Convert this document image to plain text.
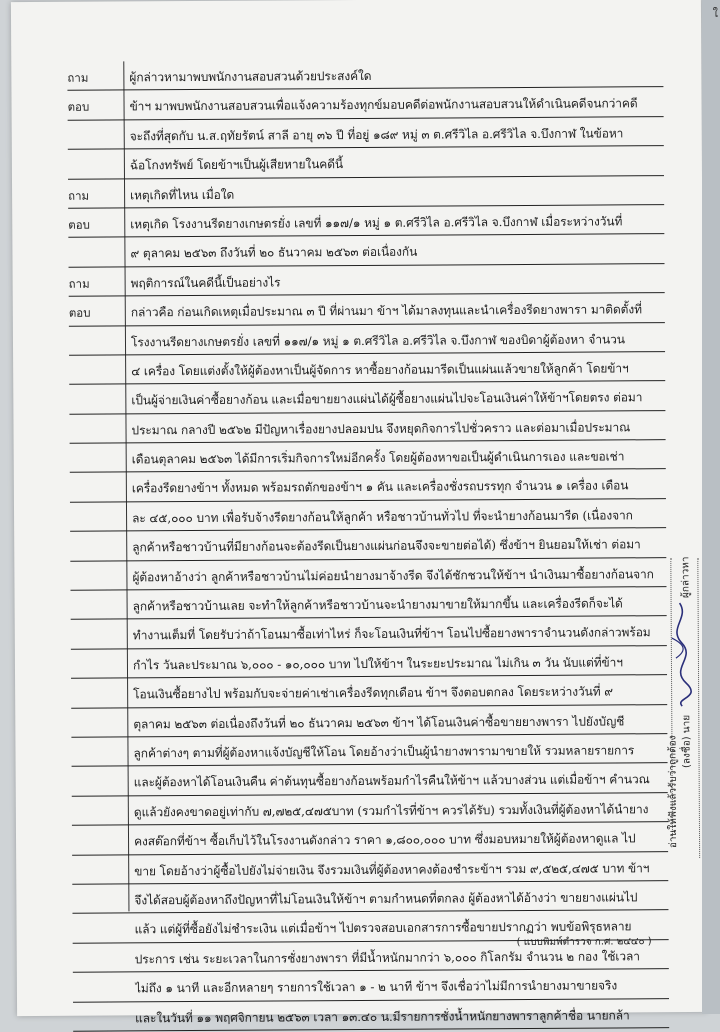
ถาม	ผู้กล่าวหามาพบพนักงานสอบสวนด้วยประสงค์ใด
ตอบ	ข้าฯ มาพบพนักงานสอบสวนเพื่อแจ้งความร้องทุกข์มอบคดีต่อพนักงานสอบสวนให้ดำเนินคดีจนกว่าคดี
จะถึงที่สุดกับ น.ส.ฤทัยรัตน์ สาลี อายุ ๓๖ ปี ที่อยู่ ๑๘๙ หมู่ ๓ ต.ศรีวิไล อ.ศรีวิไล จ.บึงกาฬ ในข้อหา
ฉ้อโกงทรัพย์ โดยข้าฯเป็นผู้เสียหายในคดีนี้
ถาม	เหตุเกิดที่ไหน เมื่อใด
ตอบ	เหตุเกิด โรงงานรีดยางเกษตรยั่ง เลขที่ ๑๑๗/๑ หมู่ ๑ ต.ศรีวิไล อ.ศรีวิไล จ.บึงกาฬ เมื่อระหว่างวันที่
๙ ตุลาคม ๒๕๖๓ ถึงวันที่ ๒๐ ธันวาคม ๒๕๖๓ ต่อเนื่องกัน
ถาม	พฤติการณ์ในคดีนี้เป็นอย่างไร
ตอบ	กล่าวคือ ก่อนเกิดเหตุเมื่อประมาณ ๓ ปี ที่ผ่านมา ข้าฯ ได้มาลงทุนและนำเครื่องรีดยางพารา มาติดตั้งที่
โรงงานรีดยางเกษตรยั่ง เลขที่ ๑๑๗/๑ หมู่ ๑ ต.ศรีวิไล อ.ศรีวิไล จ.บึงกาฬ ของบิดาผู้ต้องหา จำนวน
๔ เครื่อง โดยแต่งตั้งให้ผู้ต้องหาเป็นผู้จัดการ หาซื้อยางก้อนมารีดเป็นแผ่นแล้วขายให้ลูกค้า โดยข้าฯ
เป็นผู้จ่ายเงินค่าซื้อยางก้อน และเมื่อขายยางแผ่นได้ผู้ซื้อยางแผ่นไปจะโอนเงินค่าให้ข้าฯโดยตรง ต่อมา
ประมาณ กลางปี ๒๕๖๒ มีปัญหาเรื่องยางปลอมปน จึงหยุดกิจการไปชั่วคราว และต่อมาเมื่อประมาณ
เดือนตุลาคม ๒๕๖๓ ได้มีการเริ่มกิจการใหม่อีกครั้ง โดยผู้ต้องหาขอเป็นผู้ดำเนินการเอง และขอเช่า
เครื่องรีดยางข้าฯ ทั้งหมด พร้อมรถตักของข้าฯ ๑ คัน และเครื่องชั่งรถบรรทุก จำนวน ๑ เครื่อง เดือน
ละ ๔๕,๐๐๐ บาท เพื่อรับจ้างรีดยางก้อนให้ลูกค้า หรือชาวบ้านทั่วไป ที่จะนำยางก้อนมารีด (เนื่องจาก
ลูกค้าหรือชาวบ้านที่มียางก้อนจะต้องรีดเป็นยางแผ่นก่อนจึงจะขายต่อได้) ซึ่งข้าฯ ยินยอมให้เช่า ต่อมา
ผู้ต้องหาอ้างว่า ลูกค้าหรือชาวบ้านไม่ค่อยนำยางมาจ้างรีด จึงได้ชักชวนให้ข้าฯ นำเงินมาซื้อยางก้อนจาก
ลูกค้าหรือชาวบ้านเลย จะทำให้ลูกค้าหรือชาวบ้านจะนำยางมาขายให้มากขึ้น และเครื่องรีดก็จะได้
ทำงานเต็มที่ โดยรับว่าถ้าโอนมาซื้อเท่าไหร่ ก็จะโอนเงินที่ข้าฯ โอนไปซื้อยางพาราจำนวนดังกล่าวพร้อม
กำไร วันละประมาณ ๖,๐๐๐ - ๑๐,๐๐๐ บาท ไปให้ข้าฯ ในระยะประมาณ ไม่เกิน ๓ วัน นับแต่ที่ข้าฯ
โอนเงินซื้อยางไป พร้อมกับจะจ่ายค่าเช่าเครื่องรีดทุกเดือน ข้าฯ จึงตอบตกลง โดยระหว่างวันที่ ๙
ตุลาคม ๒๕๖๓ ต่อเนื่องถึงวันที่ ๒๐ ธันวาคม ๒๕๖๓ ข้าฯ ได้โอนเงินค่าซื้อขายยางพารา ไปยังบัญชี
ลูกค้าต่างๆ ตามที่ผู้ต้องหาแจ้งบัญชีให้โอน โดยอ้างว่าเป็นผู้นำยางพารามาขายให้ รวมหลายรายการ
และผู้ต้องหาได้โอนเงินคืน ค่าต้นทุนซื้อยางก้อนพร้อมกำไรคืนให้ข้าฯ แล้วบางส่วน แต่เมื่อข้าฯ คำนวณ
ดูแล้วยังคงขาดอยู่เท่ากับ ๗,๗๒๕,๔๗๕บาท (รวมกำไรที่ข้าฯ ควรได้รับ) รวมทั้งเงินที่ผู้ต้องหาได้นำยาง
คงสต๊อกที่ข้าฯ ซื้อเก็บไว้ในโรงงานดังกล่าว ราคา ๑,๘๐๐,๐๐๐ บาท ซึ่งมอบหมายให้ผู้ต้องหาดูแล ไป
ขาย โดยอ้างว่าผู้ซื้อไปยังไม่จ่ายเงิน จึงรวมเงินที่ผู้ต้องหาคงต้องชำระข้าฯ รวม ๙,๕๒๕,๔๗๕ บาท ข้าฯ
จึงได้สอบผู้ต้องหาถึงปัญหาที่ไม่โอนเงินให้ข้าฯ ตามกำหนดที่ตกลง ผู้ต้องหาได้อ้างว่า ขายยางแผ่นไป
แล้ว แต่ผู้ที่ซื้อยังไม่ชำระเงิน แต่เมื่อข้าฯ ไปตรวจสอบเอกสารการซื้อขายปรากฏว่า พบข้อพิรุธหลาย
ประการ เช่น ระยะเวลาในการชั่งยางพารา ที่มีน้ำหนักมากว่า ๖,๐๐๐ กิโลกรัม จำนวน ๒ กอง ใช้เวลา
ไม่ถึง ๑ นาที และอีกหลายๆ รายการใช้เวลา ๑ - ๒ นาที ข้าฯ จึงเชื่อว่าไม่มีการนำยางมาขายจริง
และในวันที่ ๑๑ พฤศจิกายน ๒๕๖๓ เวลา ๑๓.๔๐ น.มีรายการชั่งน้ำหนักยางพาราลูกค้าชื่อ นายกล้า
( แบบพิมพ์ตำรวจ ก.ศ. ๒๔๔๐ )
อ่านให้ฟังแล้วรับว่าถูกต้อง (ลงชื่อ) นาย
ผู้กล่าวหา
ใ
